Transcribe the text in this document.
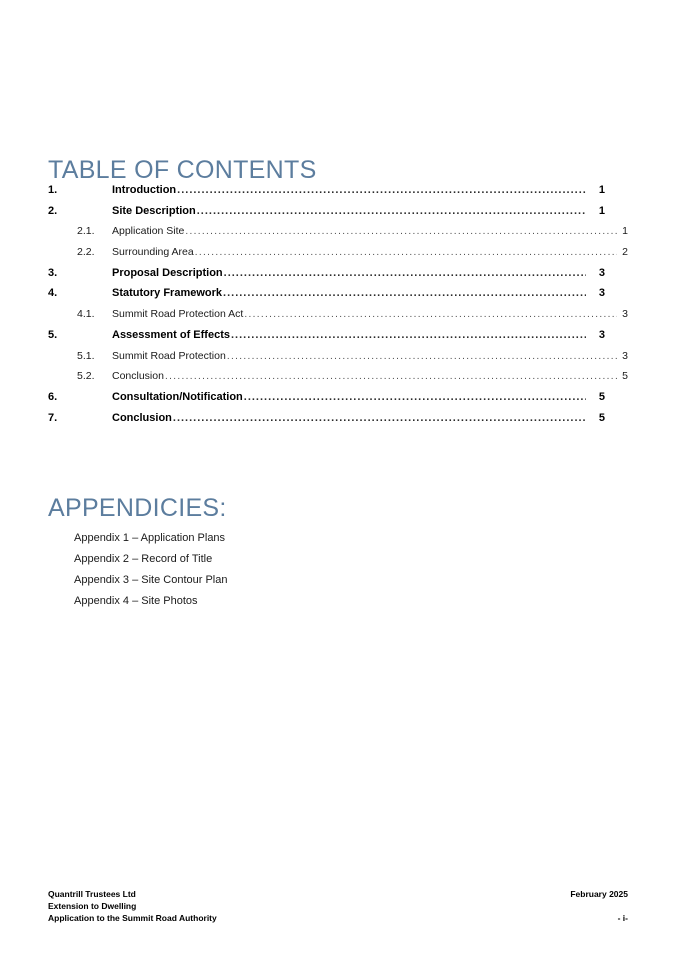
TABLE OF CONTENTS
1.	Introduction .....	1
2.	Site Description .....	1
2.1.	Application Site .....	1
2.2.	Surrounding Area .....	2
3.	Proposal Description .....	3
4.	Statutory Framework .....	3
4.1.	Summit Road Protection Act .....	3
5.	Assessment of Effects .....	3
5.1.	Summit Road Protection .....	3
5.2.	Conclusion .....	5
6.	Consultation/Notification .....	5
7.	Conclusion .....	5
APPENDICIES:
Appendix 1 – Application Plans
Appendix 2 – Record of Title
Appendix 3 – Site Contour Plan
Appendix 4 – Site Photos
Quantrill Trustees Ltd	February 2025
Extension to Dwelling
Application to the Summit Road Authority	- i-
